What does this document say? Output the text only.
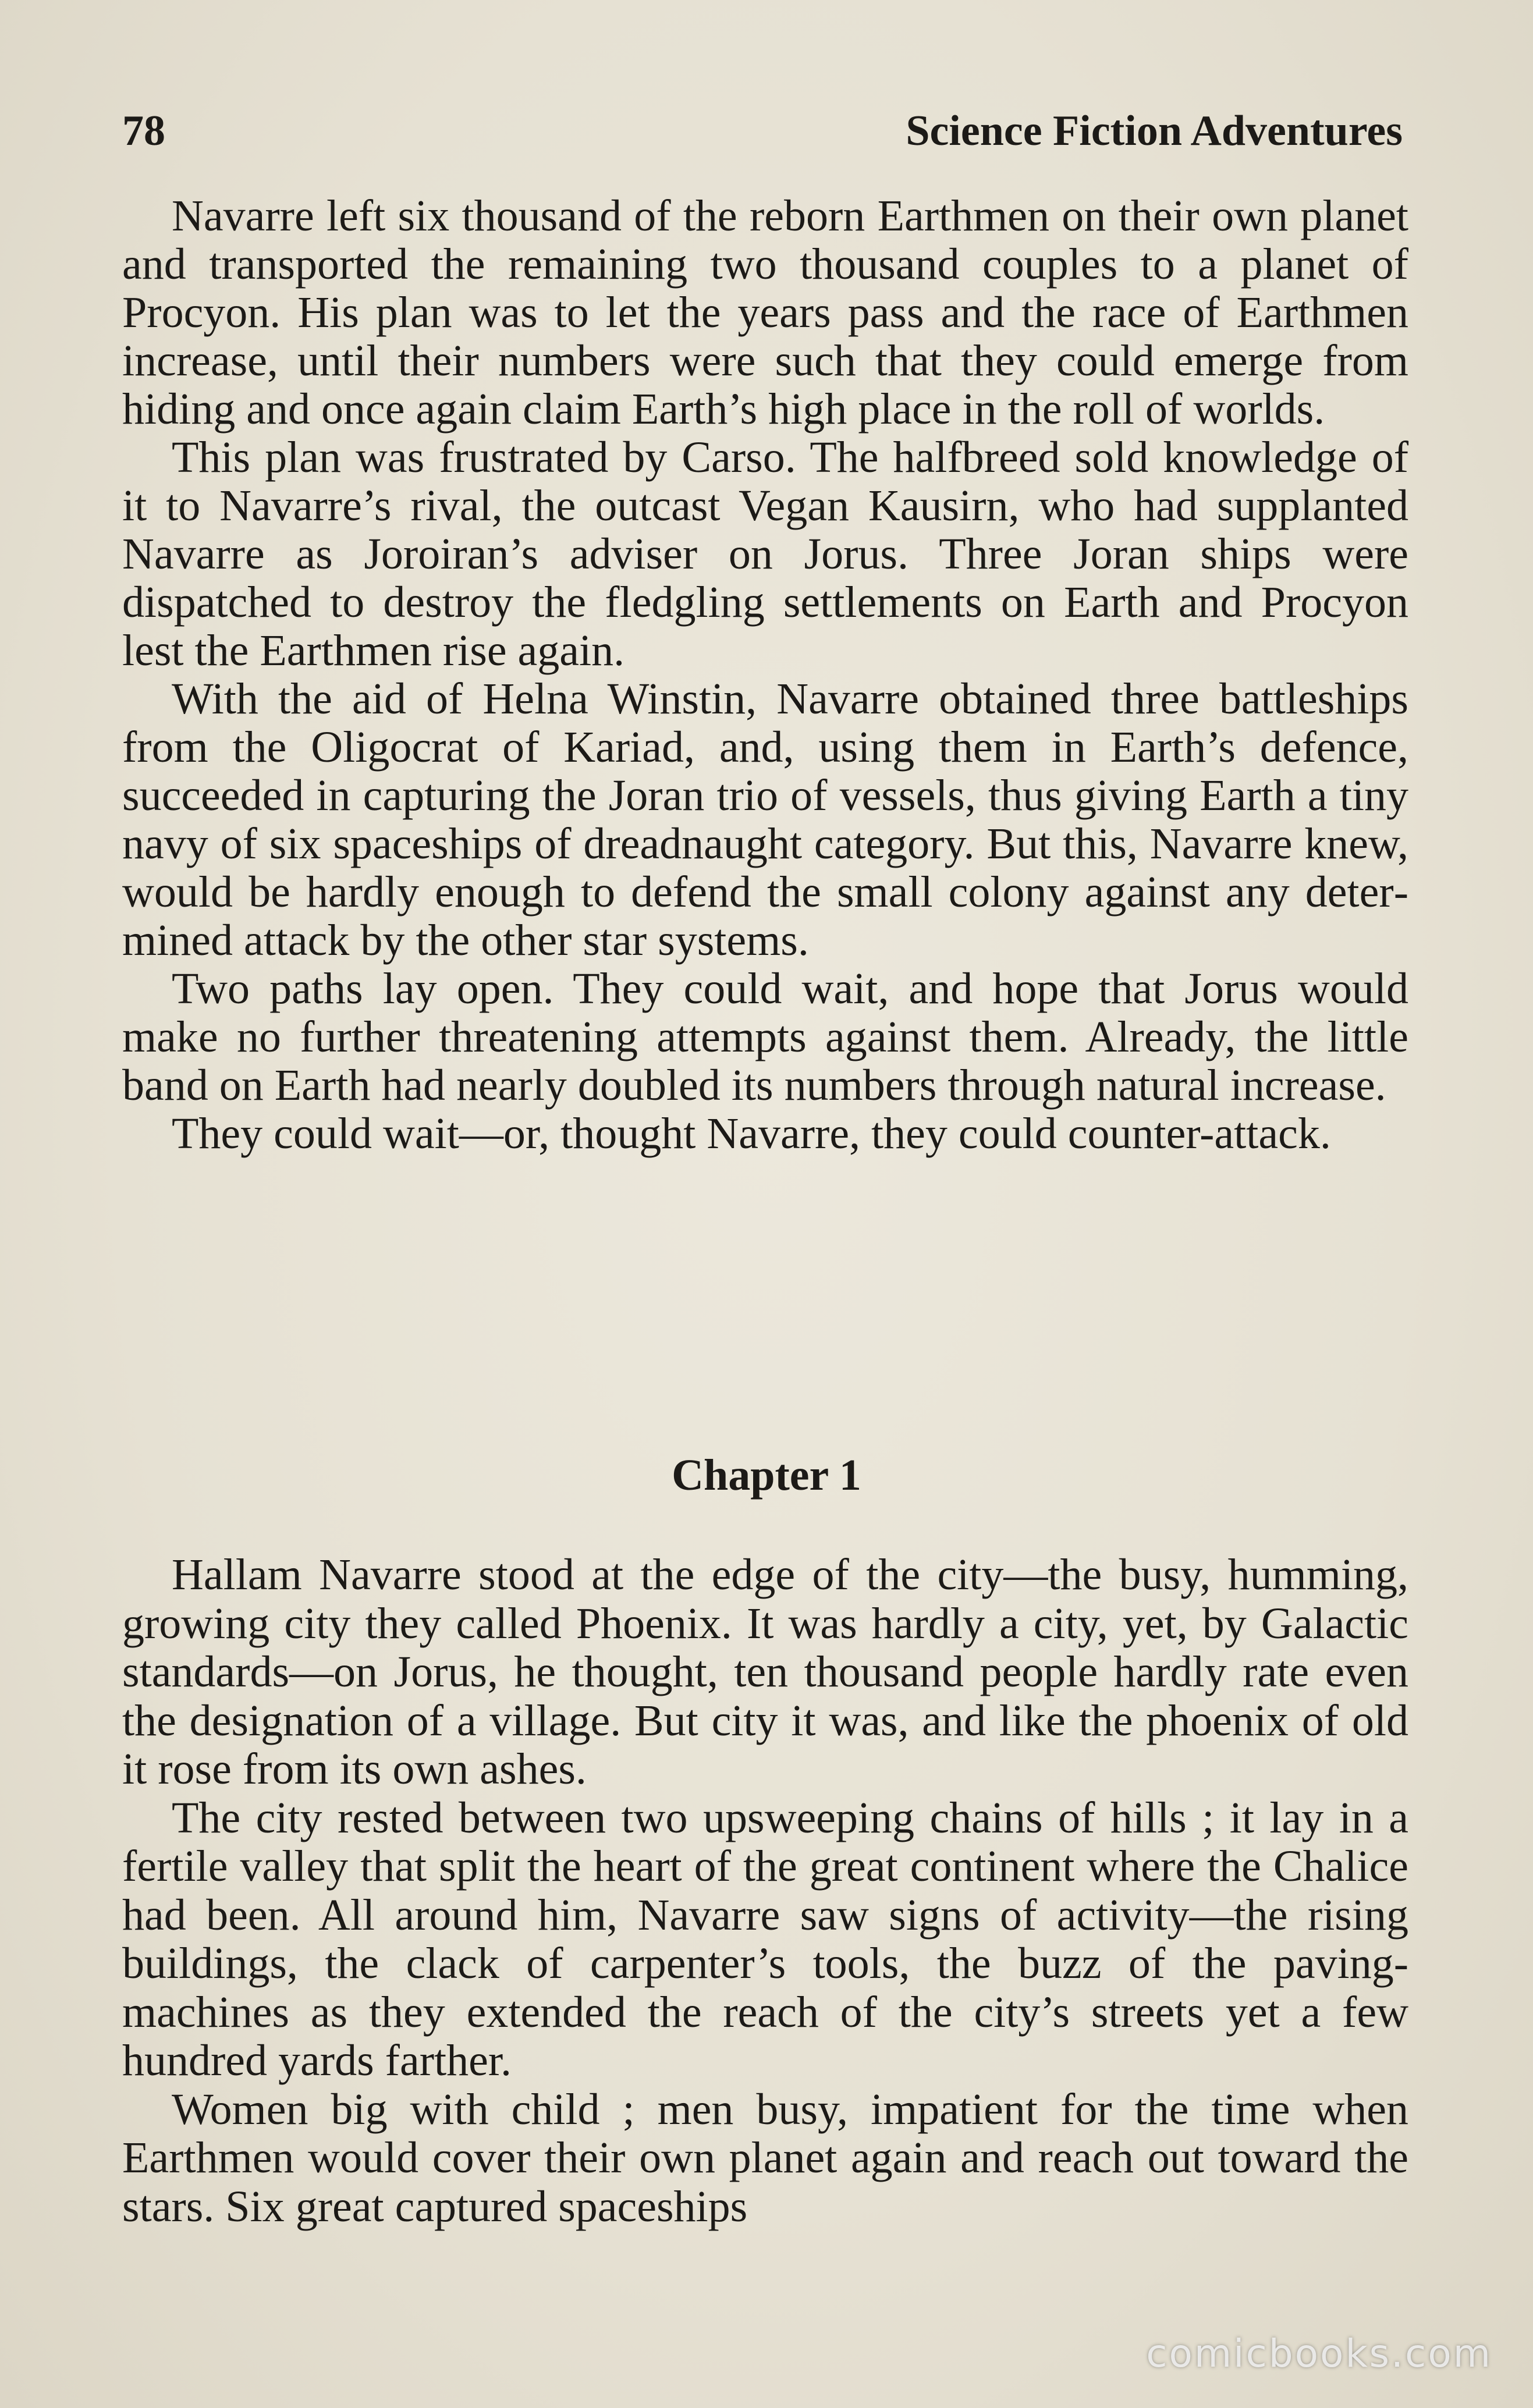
78	Science Fiction Adventures

Navarre left six thousand of the reborn Earthmen on their own planet and transported the remaining two thousand couples to a planet of Procyon. His plan was to let the years pass and the race of Earthmen increase, until their numbers were such that they could emerge from hiding and once again claim Earth’s high place in the roll of worlds.

This plan was frustrated by Carso. The halfbreed sold knowledge of it to Navarre’s rival, the outcast Vegan Kausirn, who had supplanted Navarre as Joroiran’s adviser on Jorus. Three Joran ships were dispatched to destroy the fledgling settlements on Earth and Procyon lest the Earthmen rise again.

With the aid of Helna Winstin, Navarre obtained three battleships from the Oligocrat of Kariad, and, using them in Earth’s defence, succeeded in capturing the Joran trio of vessels, thus giving Earth a tiny navy of six spaceships of dreadnaught category. But this, Navarre knew, would be hardly enough to defend the small colony against any determined attack by the other star systems.

Two paths lay open. They could wait, and hope that Jorus would make no further threatening attempts against them. Already, the little band on Earth had nearly doubled its numbers through natural increase.

They could wait—or, thought Navarre, they could counter-attack.

Chapter 1

Hallam Navarre stood at the edge of the city—the busy, humming, growing city they called Phoenix. It was hardly a city, yet, by Galactic standards—on Jorus, he thought, ten thousand people hardly rate even the designation of a village. But city it was, and like the phoenix of old it rose from its own ashes.

The city rested between two upsweeping chains of hills ; it lay in a fertile valley that split the heart of the great continent where the Chalice had been. All around him, Navarre saw signs of activity—the rising buildings, the clack of carpenter’s tools, the buzz of the paving-machines as they extended the reach of the city’s streets yet a few hundred yards farther.

Women big with child ; men busy, impatient for the time when Earthmen would cover their own planet again and reach out toward the stars. Six great captured spaceships

comicbooks.com
